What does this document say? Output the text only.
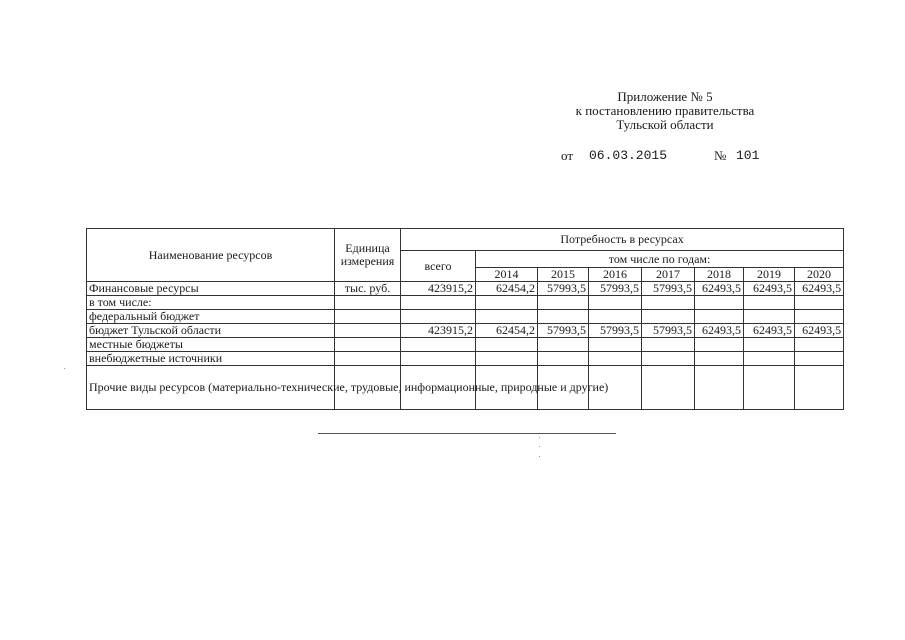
Приложение № 5
к постановлению правительства
Тульской области
от 06.03.2015	№ 101
Наименование ресурсов	Единица измерения	Потребность в ресурсах							
		всего	том числе по годам:						
			2014	2015	2016	2017	2018	2019	2020
Финансовые ресурсы	тыс. руб.	423915,2	62454,2	57993,5	57993,5	57993,5	62493,5	62493,5	62493,5
в том числе:									
федеральный бюджет									
бюджет Тульской области		423915,2	62454,2	57993,5	57993,5	57993,5	62493,5	62493,5	62493,5
местные бюджеты									
внебюджетные источники									
Прочие виды ресурсов (материально-технические, трудовые, информационные, природные и другие)									
